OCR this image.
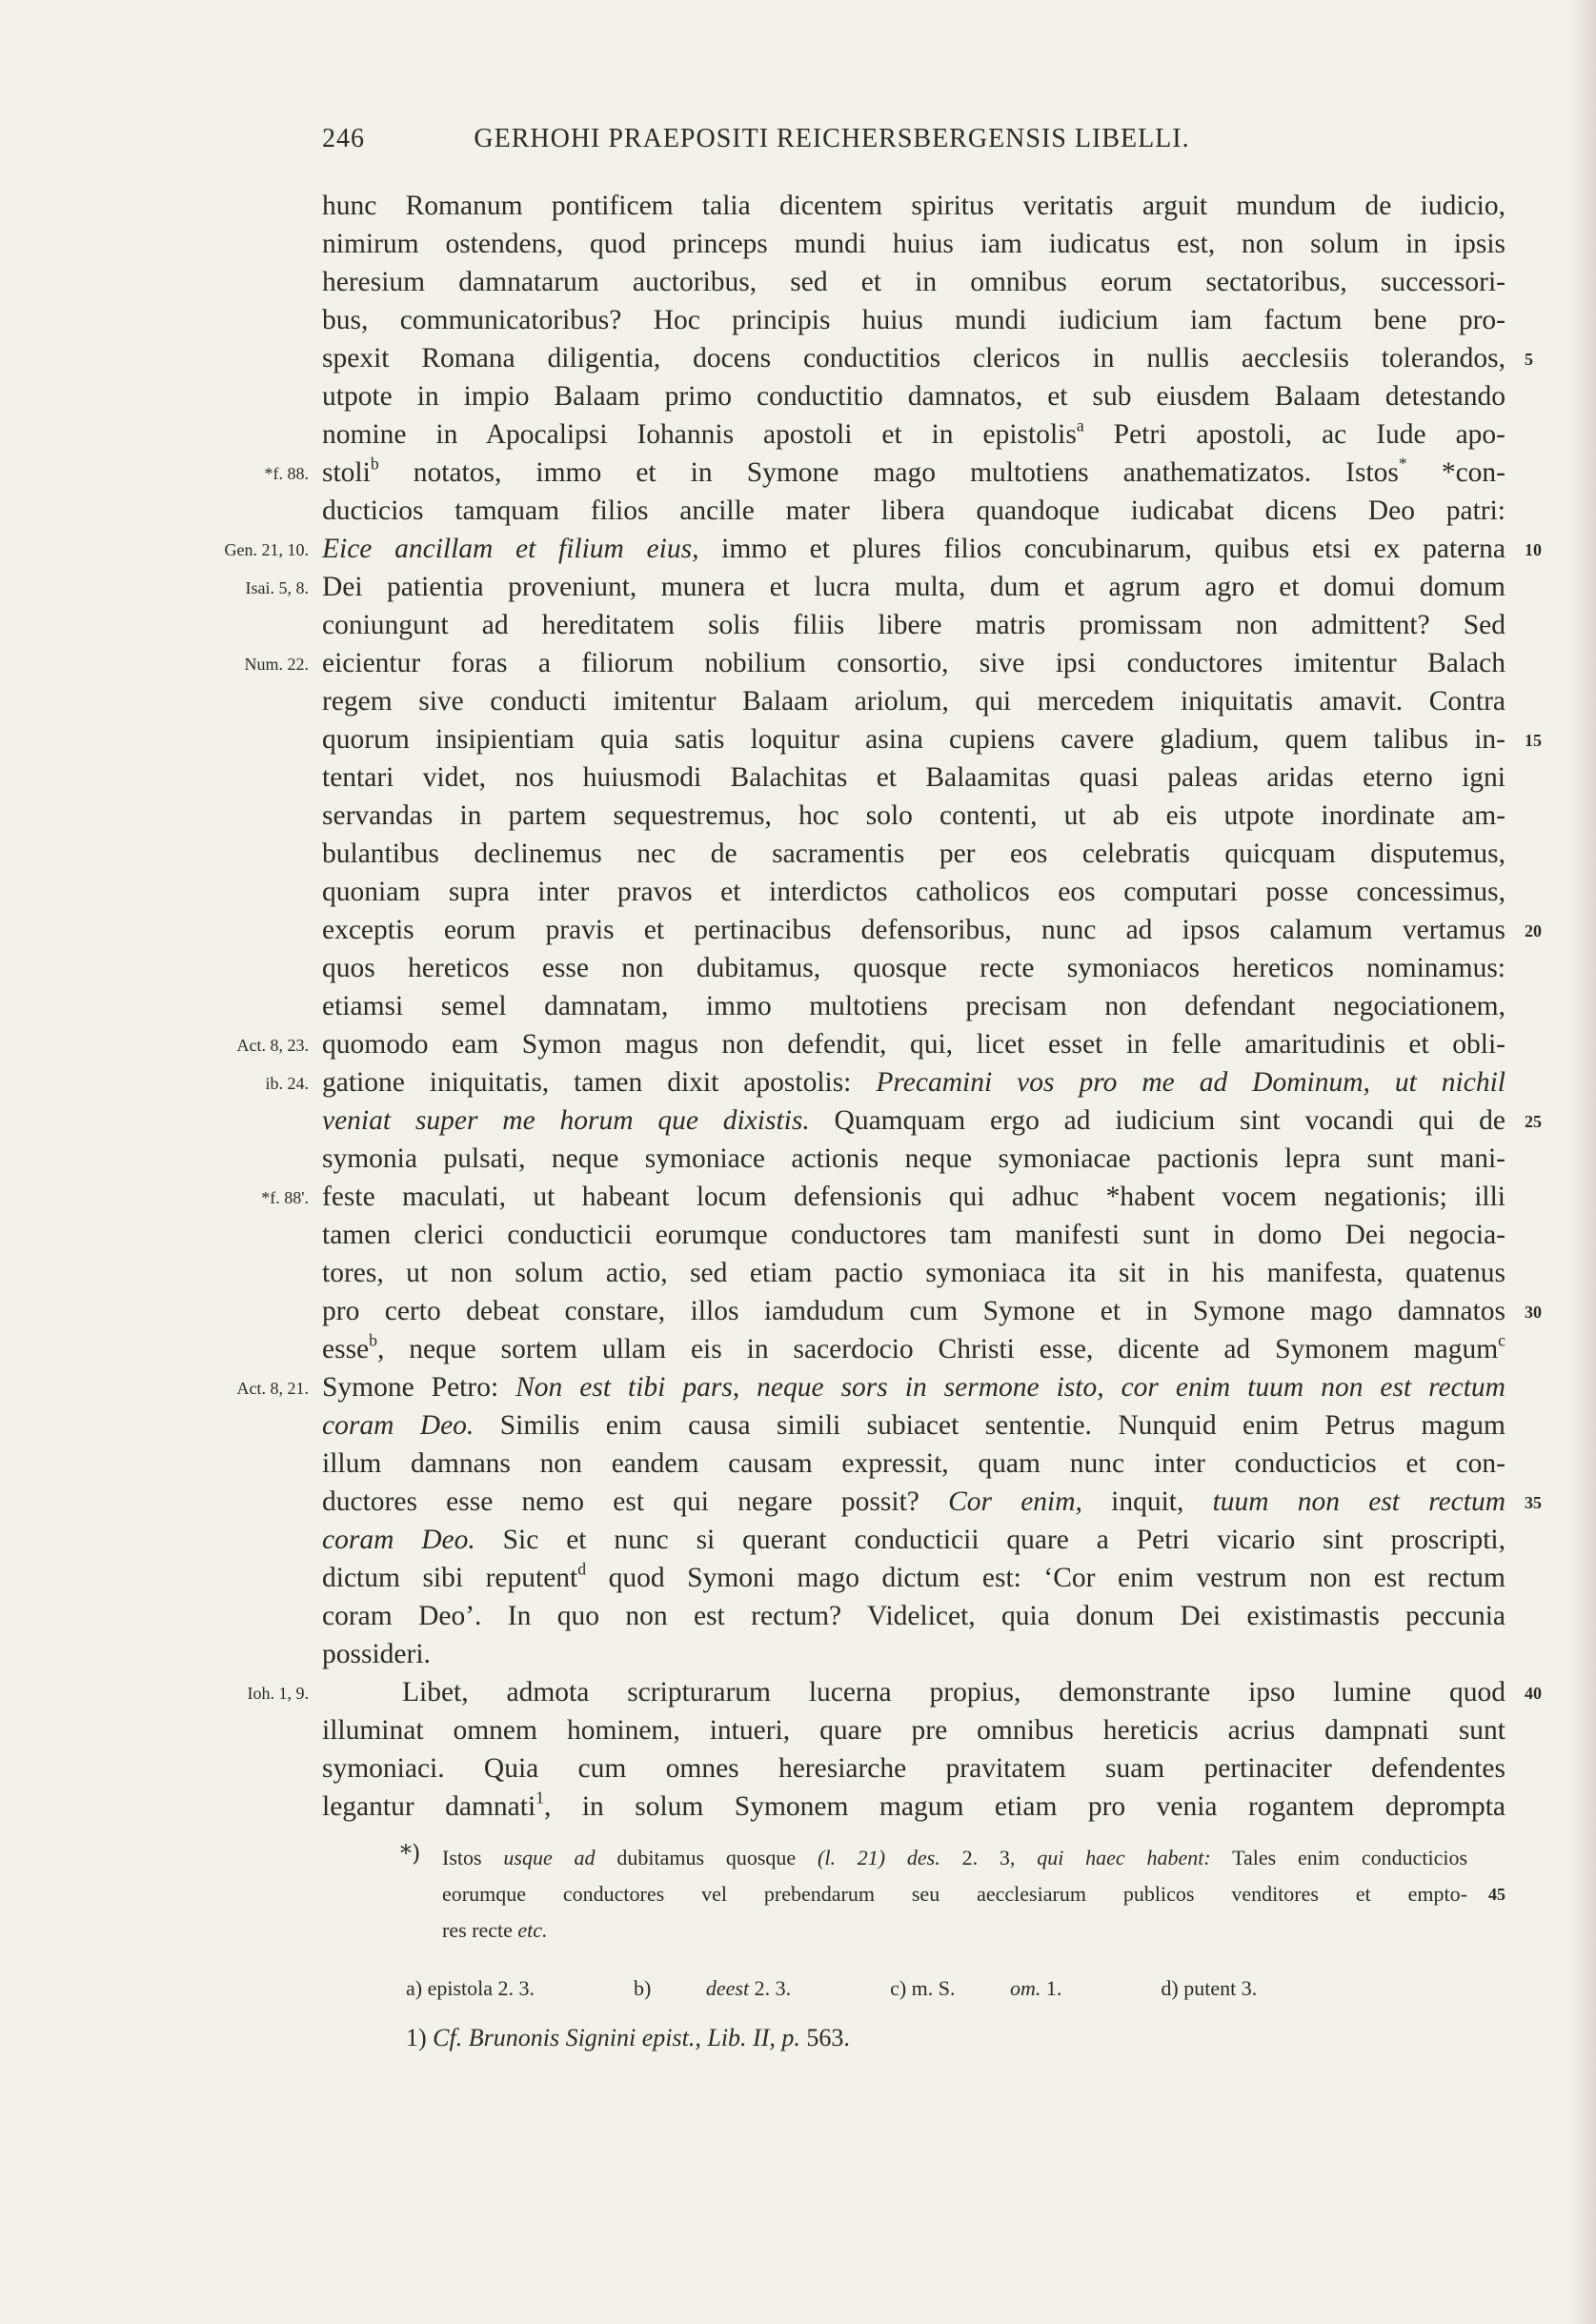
246	GERHOHI PRAEPOSITI REICHERSBERGENSIS LIBELLI.
hunc Romanum pontificem talia dicentem spiritus veritatis arguit mundum de iudicio,
nimirum ostendens, quod princeps mundi huius iam iudicatus est, non solum in ipsis
heresium damnatarum auctoribus, sed et in omnibus eorum sectatoribus, successori-
bus, communicatoribus? Hoc principis huius mundi iudicium iam factum bene pro-
spexit Romana diligentia, docens conductitios clericos in nullis aecclesiis tolerandos, 5
utpote in impio Balaam primo conductitio damnatos, et sub eiusdem Balaam detestando
nomine in Apocalipsi Iohannis apostoli et in epistolis$^a$ Petri apostoli, ac Iude apo-
*f. 88. stoli$^b$ notatos, immo et in Symone mago multotiens anathematizatos. Istos* *con-
ducticios tamquam filios ancille mater libera quandoque iudicabat dicens Deo patri:
Gen. 21, 10. Eice ancillam et filium eius, immo et plures filios concubinarum, quibus etsi ex paterna 10
Isai. 5, 8. Dei patientia proveniunt, munera et lucra multa, dum et agrum agro et domui domum
coniungunt ad hereditatem solis filiis libere matris promissam non admittent? Sed
Num. 22. eicientur foras a filiorum nobilium consortio, sive ipsi conductores imitentur Balach
regem sive conducti imitentur Balaam ariolum, qui mercedem iniquitatis amavit. Contra
quorum insipientiam quia satis loquitur asina cupiens cavere gladium, quem talibus in- 15
tentari videt, nos huiusmodi Balachitas et Balaamitas quasi paleas aridas eterno igni
servandas in partem sequestremus, hoc solo contenti, ut ab eis utpote inordinate am-
bulantibus declinemus nec de sacramentis per eos celebratis quicquam disputemus,
quoniam supra inter pravos et interdictos catholicos eos computari posse concessimus,
exceptis eorum pravis et pertinacibus defensoribus, nunc ad ipsos calamum vertamus 20
quos hereticos esse non dubitamus, quosque recte symoniacos hereticos nominamus:
etiamsi semel damnatam, immo multotiens precisam non defendant negociationem,
Act. 8, 23. quomodo eam Symon magus non defendit, qui, licet esset in felle amaritudinis et obli-
ib. 24. gatione iniquitatis, tamen dixit apostolis: Precamini vos pro me ad Dominum, ut nichil
veniat super me horum que dixistis. Quamquam ergo ad iudicium sint vocandi qui de 25
symonia pulsati, neque symoniace actionis neque symoniacae pactionis lepra sunt mani-
*f. 88'. feste maculati, ut habeant locum defensionis qui adhuc *habent vocem negationis; illi
tamen clerici conducticii eorumque conductores tam manifesti sunt in domo Dei negocia-
tores, ut non solum actio, sed etiam pactio symoniaca ita sit in his manifesta, quatenus
pro certo debeat constare, illos iamdudum cum Symone et in Symone mago damnatos 30
esse$^b$, neque sortem ullam eis in sacerdocio Christi esse, dicente ad Symonem magum$^c$
Act. 8, 21. Symone Petro: Non est tibi pars, neque sors in sermone isto, cor enim tuum non est rectum
coram Deo. Similis enim causa simili subiacet sententie. Nunquid enim Petrus magum
illum damnans non eandem causam expressit, quam nunc inter conducticios et con-
ductores esse nemo est qui negare possit? Cor enim, inquit, tuum non est rectum 35
coram Deo. Sic et nunc si querant conducticii quare a Petri vicario sint proscripti,
dictum sibi reputent$^d$ quod Symoni mago dictum est: ‘Cor enim vestrum non est rectum
coram Deo’. In quo non est rectum? Videlicet, quia donum Dei existimastis peccunia
possideri.
Ioh. 1, 9.	Libet, admota scripturarum lucerna propius, demonstrante ipso lumine quod 40
illuminat omnem hominem, intueri, quare pre omnibus hereticis acrius dampnati sunt
symoniaci. Quia cum omnes heresiarche pravitatem suam pertinaciter defendentes
legantur damnati$^1$, in solum Symonem magum etiam pro venia rogantem deprompta
*)	Istos usque ad dubitamus quosque (l. 21) des. 2. 3, qui haec habent: Tales enim conducticios
eorumque conductores vel prebendarum seu aecclesiarum publicos venditores et empto- 45
res recte etc.
a) epistola 2. 3.	b) deest 2. 3.	c) m. S. om. 1.	d) putent 3.
1) Cf. Brunonis Signini epist., Lib. II, p. 563.
